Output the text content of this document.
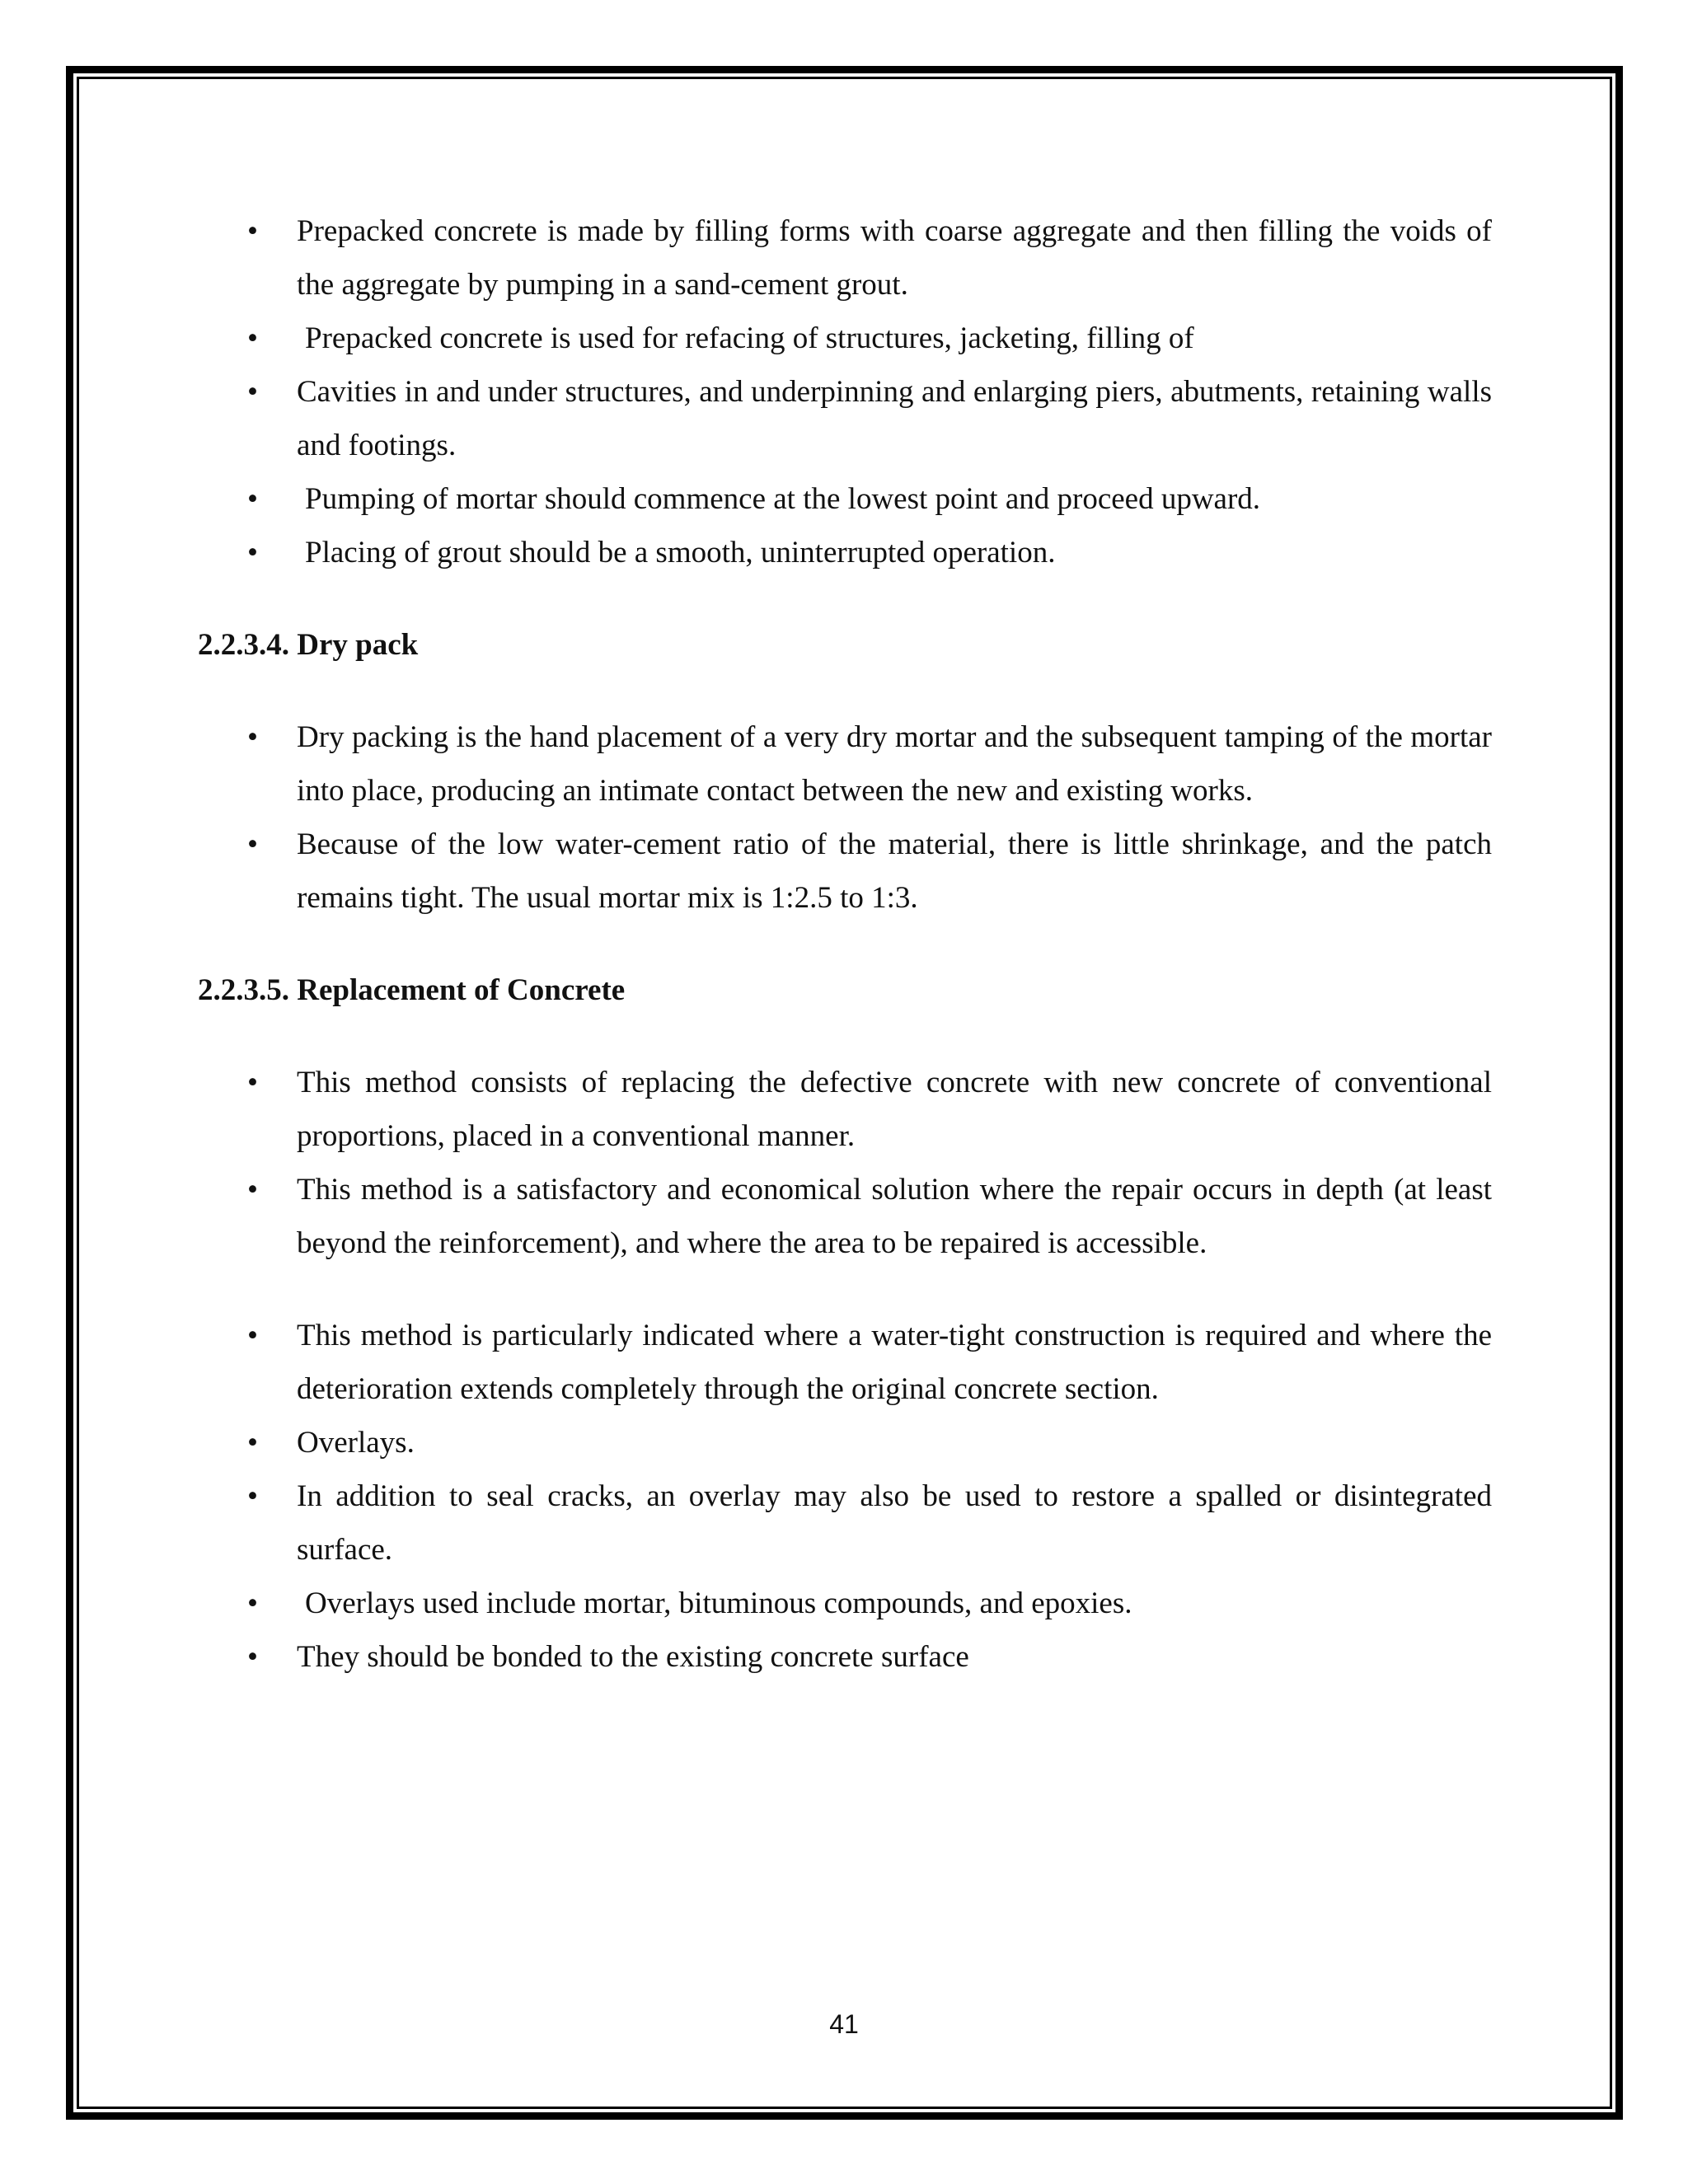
•	Prepacked concrete is made by filling forms with coarse aggregate and then filling the voids of the aggregate by pumping in a sand-cement grout.
•	Prepacked concrete is used for refacing of structures, jacketing, filling of
•	Cavities in and under structures, and underpinning and enlarging piers, abutments, retaining walls and footings.
•	Pumping of mortar should commence at the lowest point and proceed upward.
•	Placing of grout should be a smooth, uninterrupted operation.
2.2.3.4. Dry pack
•	Dry packing is the hand placement of a very dry mortar and the subsequent tamping of the mortar into place, producing an intimate contact between the new and existing works.
•	Because of the low water-cement ratio of the material, there is little shrinkage, and the patch remains tight. The usual mortar mix is 1:2.5 to 1:3.
2.2.3.5. Replacement of Concrete
•	This method consists of replacing the defective concrete with new concrete of conventional proportions, placed in a conventional manner.
•	This method is a satisfactory and economical solution where the repair occurs in depth (at least beyond the reinforcement), and where the area to be repaired is accessible.
•	This method is particularly indicated where a water-tight construction is required and where the deterioration extends completely through the original concrete section.
•	Overlays.
•	In addition to seal cracks, an overlay may also be used to restore a spalled or disintegrated surface.
•	Overlays used include mortar, bituminous compounds, and epoxies.
•	They should be bonded to the existing concrete surface
41
